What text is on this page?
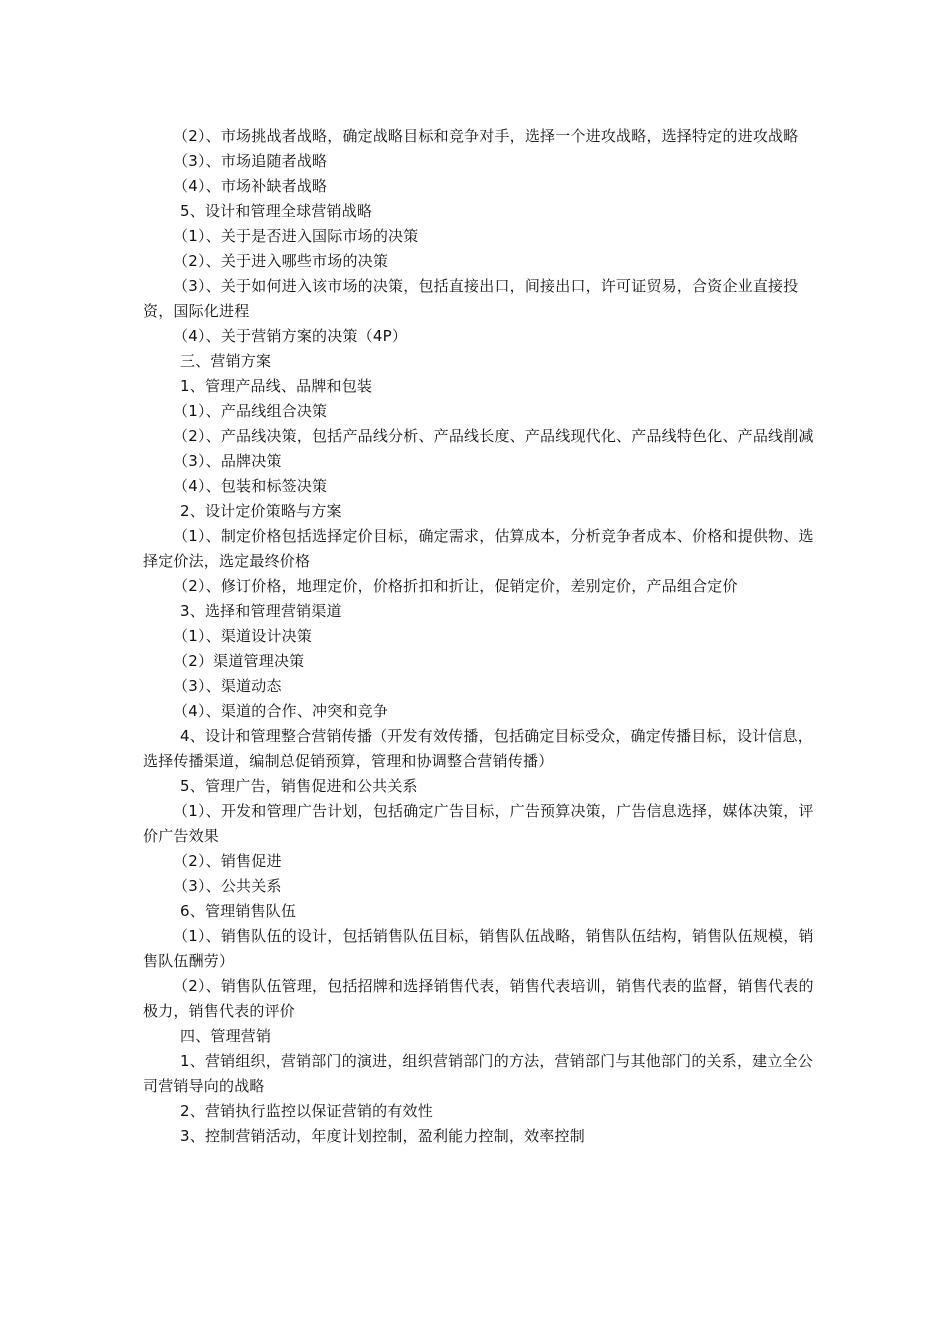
（2）、市场挑战者战略，确定战略目标和竞争对手，选择一个进攻战略，选择特定的进攻战略

（3）、市场追随者战略

（4）、市场补缺者战略

5、设计和管理全球营销战略

（1）、关于是否进入国际市场的决策

（2）、关于进入哪些市场的决策

（3）、关于如何进入该市场的决策，包括直接出口，间接出口，许可证贸易，合资企业直接投资，国际化进程

（4）、关于营销方案的决策（4P）

三、营销方案

1、管理产品线、品牌和包装

（1）、产品线组合决策

（2）、产品线决策，包括产品线分析、产品线长度、产品线现代化、产品线特色化、产品线削减

（3）、品牌决策

（4）、包装和标签决策

2、设计定价策略与方案

（1）、制定价格包括选择定价目标，确定需求，估算成本，分析竞争者成本、价格和提供物、选择定价法，选定最终价格

（2）、修订价格，地理定价，价格折扣和折让，促销定价，差别定价，产品组合定价

3、选择和管理营销渠道

（1）、渠道设计决策

（2）渠道管理决策

（3）、渠道动态

（4）、渠道的合作、冲突和竞争

4、设计和管理整合营销传播（开发有效传播，包括确定目标受众，确定传播目标，设计信息，选择传播渠道，编制总促销预算，管理和协调整合营销传播）

5、管理广告，销售促进和公共关系

（1）、开发和管理广告计划，包括确定广告目标，广告预算决策，广告信息选择，媒体决策，评价广告效果

（2）、销售促进

（3）、公共关系

6、管理销售队伍

（1）、销售队伍的设计，包括销售队伍目标，销售队伍战略，销售队伍结构，销售队伍规模，销售队伍酬劳）

（2）、销售队伍管理，包括招牌和选择销售代表，销售代表培训，销售代表的监督，销售代表的极力，销售代表的评价

四、管理营销

1、营销组织，营销部门的演进，组织营销部门的方法，营销部门与其他部门的关系，建立全公司营销导向的战略

2、营销执行监控以保证营销的有效性

3、控制营销活动，年度计划控制，盈利能力控制，效率控制
